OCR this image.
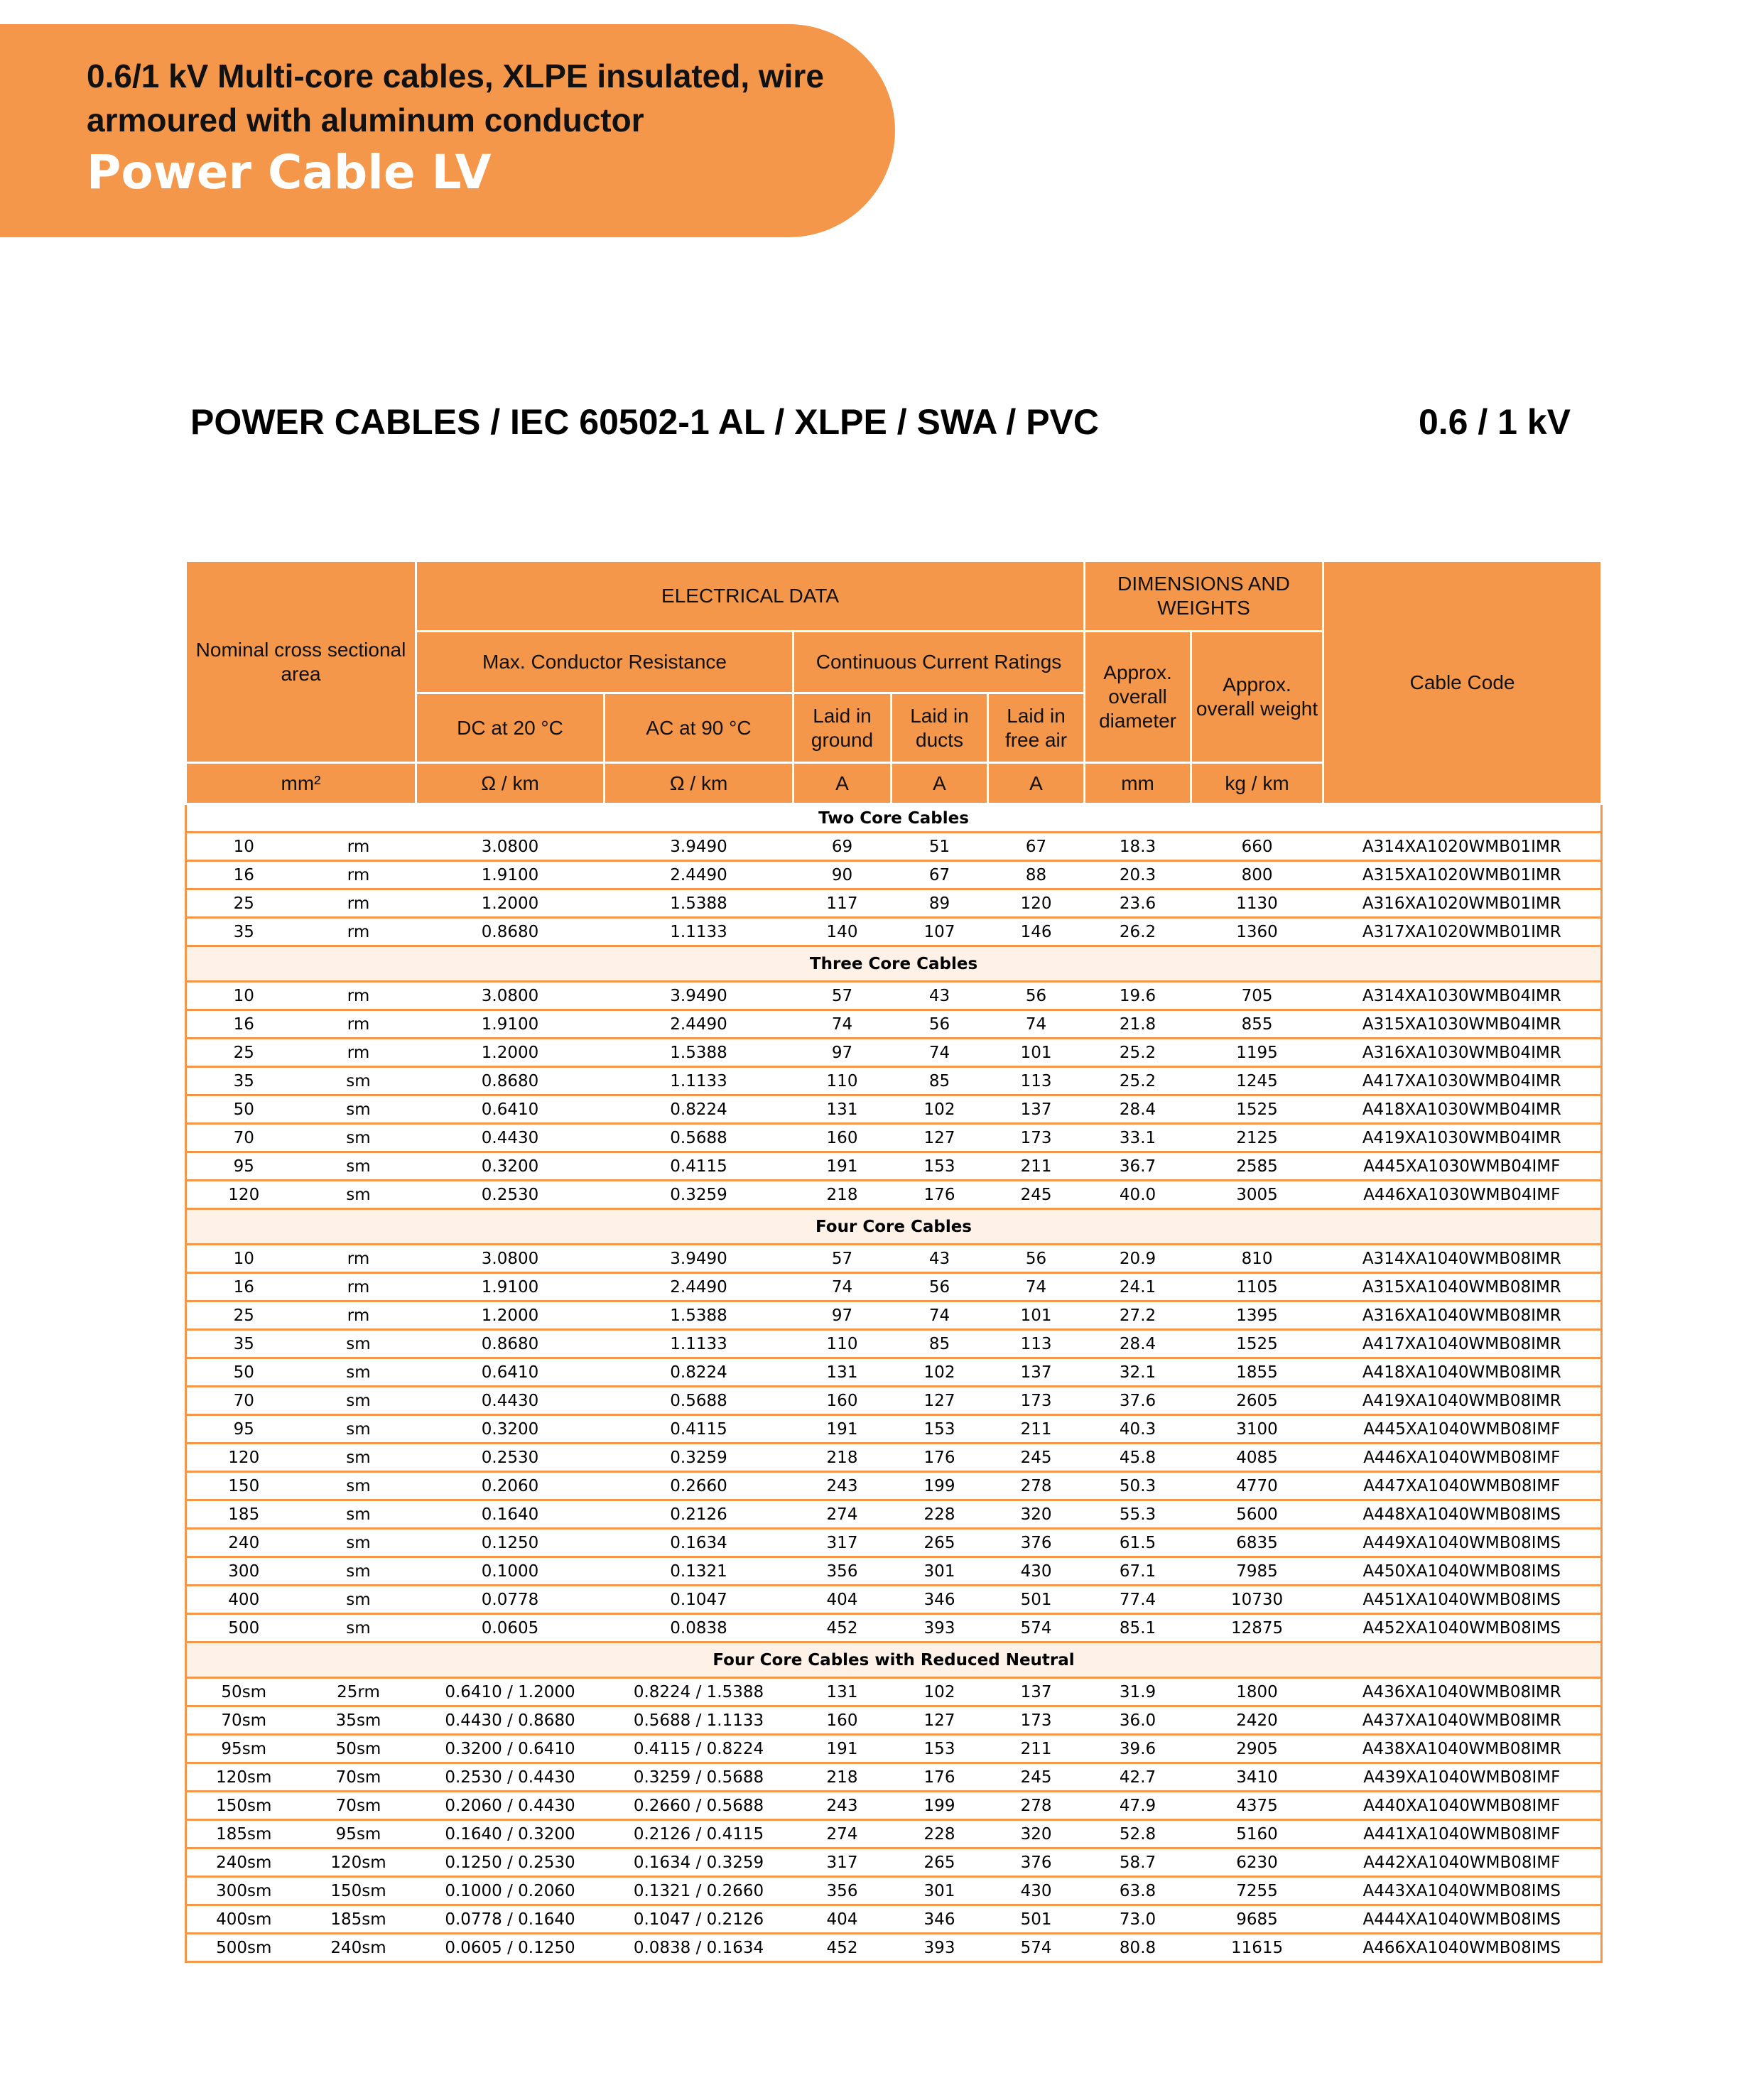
0.6/1 kV Multi-core cables, XLPE insulated, wire
armoured with aluminum conductor
Power Cable LV
POWER CABLES / IEC 60502-1 AL / XLPE / SWA / PVC	0.6 / 1 kV
Nominal cross sectional area		ELECTRICAL DATA					DIMENSIONS AND WEIGHTS		Cable Code
		Max. Conductor Resistance		Continuous Current Ratings			Approx. overall diameter	Approx. overall weight	
		DC at 20 °C	AC at 90 °C	Laid in ground	Laid in ducts	Laid in free air			
mm²		Ω / km	Ω / km	A	A	A	mm	kg / km	
Two Core Cables									
10	rm	3.0800	3.9490	69	51	67	18.3	660	A314XA1020WMB01IMR
16	rm	1.9100	2.4490	90	67	88	20.3	800	A315XA1020WMB01IMR
25	rm	1.2000	1.5388	117	89	120	23.6	1130	A316XA1020WMB01IMR
35	rm	0.8680	1.1133	140	107	146	26.2	1360	A317XA1020WMB01IMR
Three Core Cables									
10	rm	3.0800	3.9490	57	43	56	19.6	705	A314XA1030WMB04IMR
16	rm	1.9100	2.4490	74	56	74	21.8	855	A315XA1030WMB04IMR
25	rm	1.2000	1.5388	97	74	101	25.2	1195	A316XA1030WMB04IMR
35	sm	0.8680	1.1133	110	85	113	25.2	1245	A417XA1030WMB04IMR
50	sm	0.6410	0.8224	131	102	137	28.4	1525	A418XA1030WMB04IMR
70	sm	0.4430	0.5688	160	127	173	33.1	2125	A419XA1030WMB04IMR
95	sm	0.3200	0.4115	191	153	211	36.7	2585	A445XA1030WMB04IMF
120	sm	0.2530	0.3259	218	176	245	40.0	3005	A446XA1030WMB04IMF
Four Core Cables									
10	rm	3.0800	3.9490	57	43	56	20.9	810	A314XA1040WMB08IMR
16	rm	1.9100	2.4490	74	56	74	24.1	1105	A315XA1040WMB08IMR
25	rm	1.2000	1.5388	97	74	101	27.2	1395	A316XA1040WMB08IMR
35	sm	0.8680	1.1133	110	85	113	28.4	1525	A417XA1040WMB08IMR
50	sm	0.6410	0.8224	131	102	137	32.1	1855	A418XA1040WMB08IMR
70	sm	0.4430	0.5688	160	127	173	37.6	2605	A419XA1040WMB08IMR
95	sm	0.3200	0.4115	191	153	211	40.3	3100	A445XA1040WMB08IMF
120	sm	0.2530	0.3259	218	176	245	45.8	4085	A446XA1040WMB08IMF
150	sm	0.2060	0.2660	243	199	278	50.3	4770	A447XA1040WMB08IMF
185	sm	0.1640	0.2126	274	228	320	55.3	5600	A448XA1040WMB08IMS
240	sm	0.1250	0.1634	317	265	376	61.5	6835	A449XA1040WMB08IMS
300	sm	0.1000	0.1321	356	301	430	67.1	7985	A450XA1040WMB08IMS
400	sm	0.0778	0.1047	404	346	501	77.4	10730	A451XA1040WMB08IMS
500	sm	0.0605	0.0838	452	393	574	85.1	12875	A452XA1040WMB08IMS
Four Core Cables with Reduced Neutral									
50sm	25rm	0.6410 / 1.2000	0.8224 / 1.5388	131	102	137	31.9	1800	A436XA1040WMB08IMR
70sm	35sm	0.4430 / 0.8680	0.5688 / 1.1133	160	127	173	36.0	2420	A437XA1040WMB08IMR
95sm	50sm	0.3200 / 0.6410	0.4115 / 0.8224	191	153	211	39.6	2905	A438XA1040WMB08IMR
120sm	70sm	0.2530 / 0.4430	0.3259 / 0.5688	218	176	245	42.7	3410	A439XA1040WMB08IMF
150sm	70sm	0.2060 / 0.4430	0.2660 / 0.5688	243	199	278	47.9	4375	A440XA1040WMB08IMF
185sm	95sm	0.1640 / 0.3200	0.2126 / 0.4115	274	228	320	52.8	5160	A441XA1040WMB08IMF
240sm	120sm	0.1250 / 0.2530	0.1634 / 0.3259	317	265	376	58.7	6230	A442XA1040WMB08IMF
300sm	150sm	0.1000 / 0.2060	0.1321 / 0.2660	356	301	430	63.8	7255	A443XA1040WMB08IMS
400sm	185sm	0.0778 / 0.1640	0.1047 / 0.2126	404	346	501	73.0	9685	A444XA1040WMB08IMS
500sm	240sm	0.0605 / 0.1250	0.0838 / 0.1634	452	393	574	80.8	11615	A466XA1040WMB08IMS
